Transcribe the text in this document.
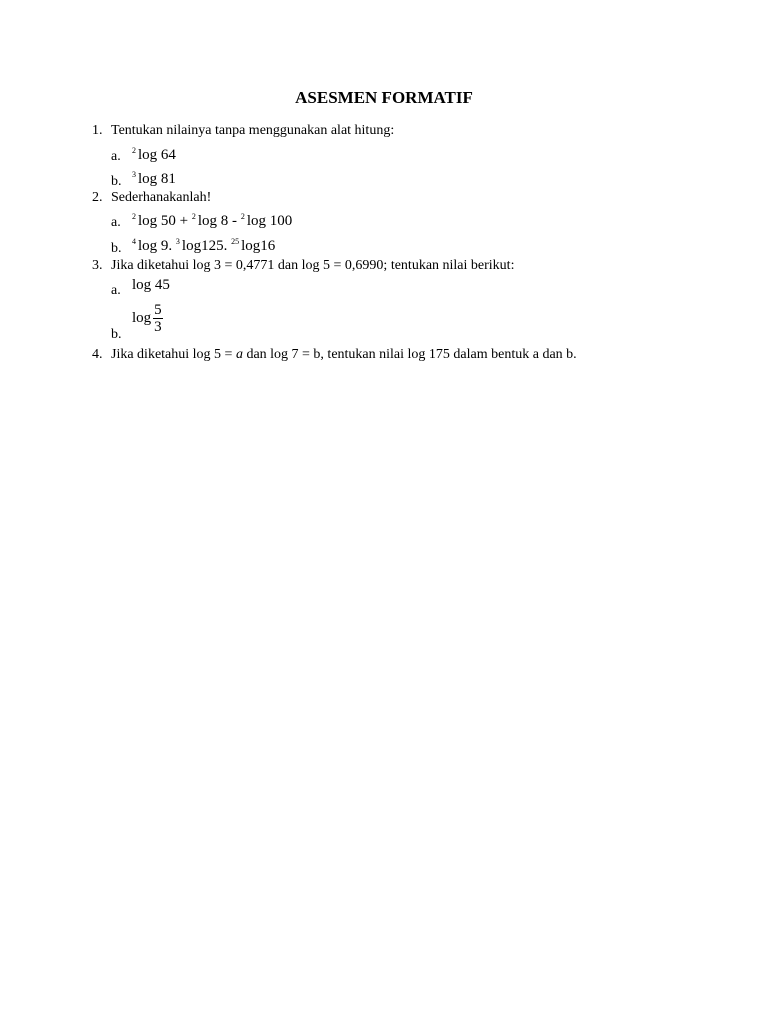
ASESMEN FORMATIF
1. Tentukan nilainya tanpa menggunakan alat hitung:
a. $^2$ log 64
b. $^3$ log 81
2. Sederhanakanlah!
a. $^2$ log 50 + $^2$ log 8 - $^2$ log 100
b. $^4$ log 9. $^3$ log125. $^{25}$ log16
3. Jika diketahui log 3 = 0,4771 dan log 5 = 0,6990; tentukan nilai berikut:
a. log 45
b.
$\log \frac{5}{3}$
4. Jika diketahui log 5 = a dan log 7 = b, tentukan nilai log 175 dalam bentuk a dan b.
